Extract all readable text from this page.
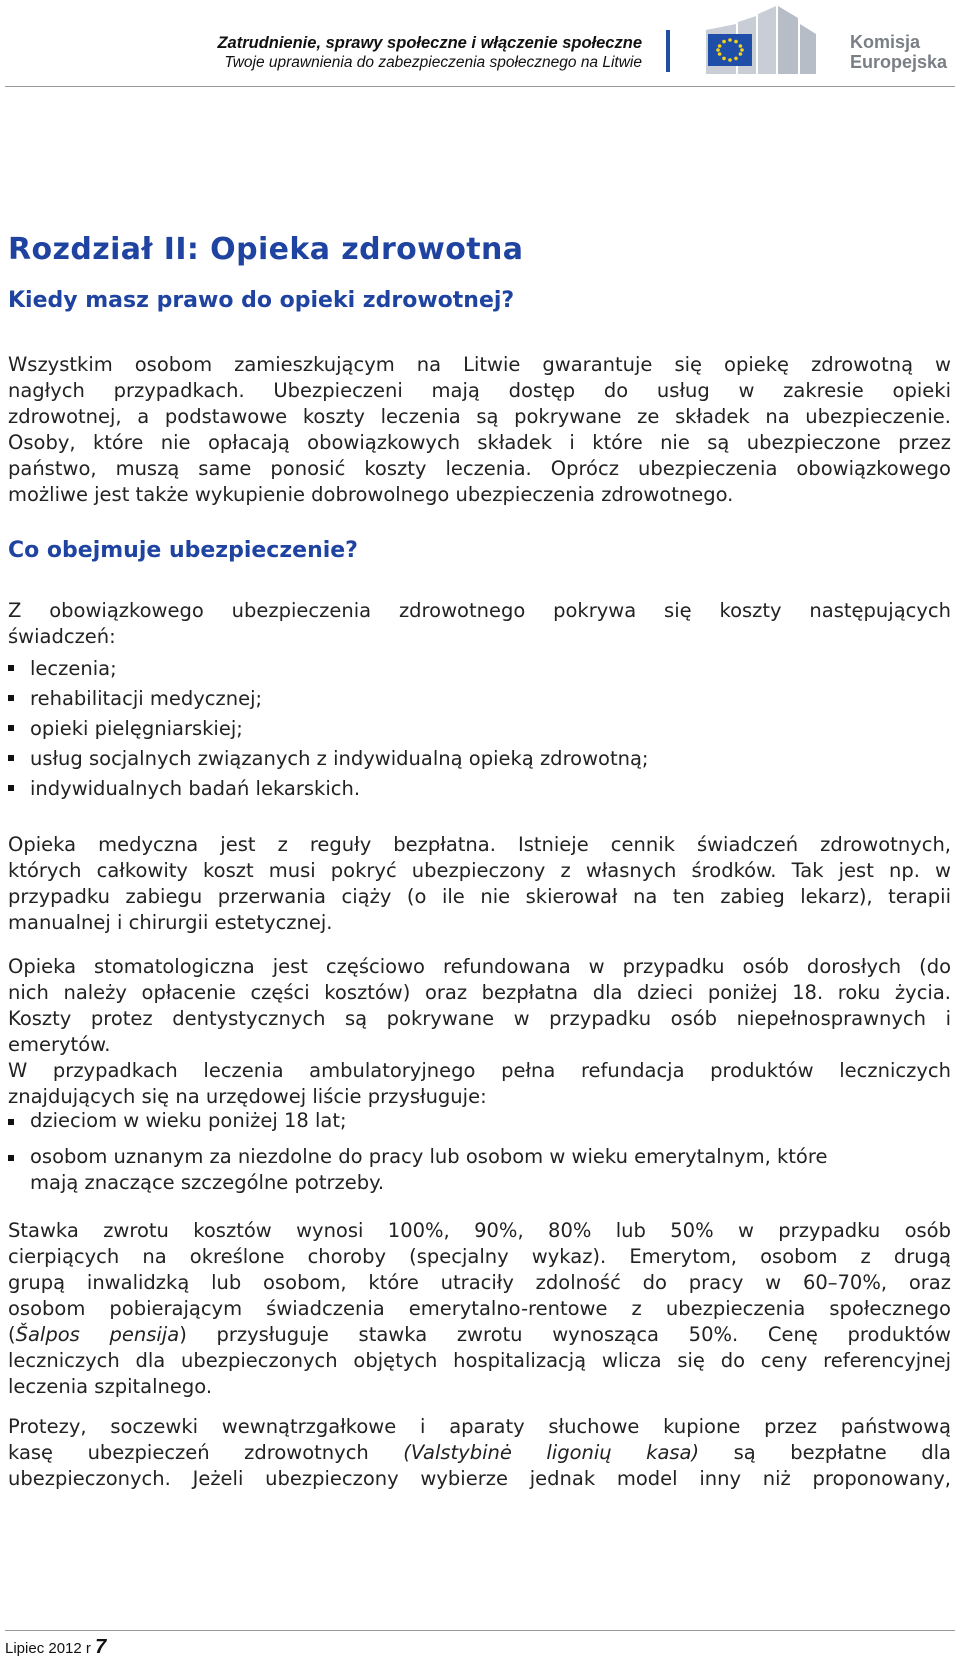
Zatrudnienie, sprawy społeczne i włączenie społeczne
Twoje uprawnienia do zabezpieczenia społecznego na Litwie
Komisja
Europejska
Rozdział II: Opieka zdrowotna
Kiedy masz prawo do opieki zdrowotnej?
Wszystkim osobom zamieszkującym na Litwie gwarantuje się opiekę zdrowotną w
nagłych przypadkach. Ubezpieczeni mają dostęp do usług w zakresie opieki
zdrowotnej, a podstawowe koszty leczenia są pokrywane ze składek na ubezpieczenie.
Osoby, które nie opłacają obowiązkowych składek i które nie są ubezpieczone przez
państwo, muszą same ponosić koszty leczenia. Oprócz ubezpieczenia obowiązkowego
możliwe jest także wykupienie dobrowolnego ubezpieczenia zdrowotnego.
Co obejmuje ubezpieczenie?
Z obowiązkowego ubezpieczenia zdrowotnego pokrywa się koszty następujących
świadczeń:
leczenia;
rehabilitacji medycznej;
opieki pielęgniarskiej;
usług socjalnych związanych z indywidualną opieką zdrowotną;
indywidualnych badań lekarskich.
Opieka medyczna jest z reguły bezpłatna. Istnieje cennik świadczeń zdrowotnych,
których całkowity koszt musi pokryć ubezpieczony z własnych środków. Tak jest np. w
przypadku zabiegu przerwania ciąży (o ile nie skierował na ten zabieg lekarz), terapii
manualnej i chirurgii estetycznej.
Opieka stomatologiczna jest częściowo refundowana w przypadku osób dorosłych (do
nich należy opłacenie części kosztów) oraz bezpłatna dla dzieci poniżej 18. roku życia.
Koszty protez dentystycznych są pokrywane w przypadku osób niepełnosprawnych i
emerytów.
W przypadkach leczenia ambulatoryjnego pełna refundacja produktów leczniczych
znajdujących się na urzędowej liście przysługuje:
dzieciom w wieku poniżej 18 lat;
osobom uznanym za niezdolne do pracy lub osobom w wieku emerytalnym, które
mają znaczące szczególne potrzeby.
Stawka zwrotu kosztów wynosi 100%, 90%, 80% lub 50% w przypadku osób
cierpiących na określone choroby (specjalny wykaz). Emerytom, osobom z drugą
grupą inwalidzką lub osobom, które utraciły zdolność do pracy w 60–70%, oraz
osobom pobierającym świadczenia emerytalno-rentowe z ubezpieczenia społecznego
(Šalpos pensija) przysługuje stawka zwrotu wynosząca 50%. Cenę produktów
leczniczych dla ubezpieczonych objętych hospitalizacją wlicza się do ceny referencyjnej
leczenia szpitalnego.
Protezy, soczewki wewnątrzgałkowe i aparaty słuchowe kupione przez państwową
kasę ubezpieczeń zdrowotnych (Valstybinė ligonių kasa) są bezpłatne dla
ubezpieczonych. Jeżeli ubezpieczony wybierze jednak model inny niż proponowany,
Lipiec 2012 r 7
